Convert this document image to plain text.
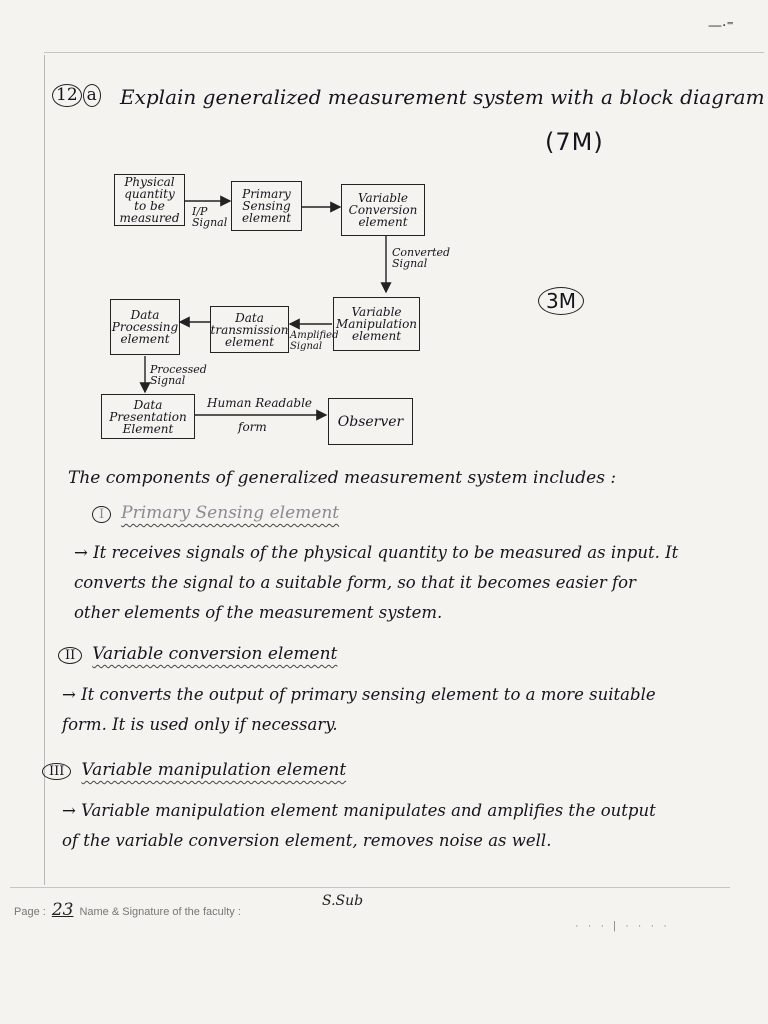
—·⁼
12 a Explain generalized measurement system with a block diagram
(7M)
3M
Physical quantity to be measured
Primary Sensing element
Variable Conversion element
Variable Manipulation element
Data transmission element
Data Processing element
Data Presentation Element	Observer
I/P
Signal
Converted
Signal
Amplified
Signal
Processed
Signal
Human Readable
form
The components of generalized measurement system includes :
I Primary Sensing element
→ It receives signals of the physical quantity to be measured as input. It converts the signal to a suitable form, so that it becomes easier for other elements of the measurement system.
II Variable conversion element
→ It converts the output of primary sensing element to a more suitable form. It is used only if necessary.
III Variable manipulation element
→ Variable manipulation element manipulates and amplifies the output of the variable conversion element, removes noise as well.
Page : 23 Name & Signature of the faculty :
S.Sub
· · · | · · · ·
